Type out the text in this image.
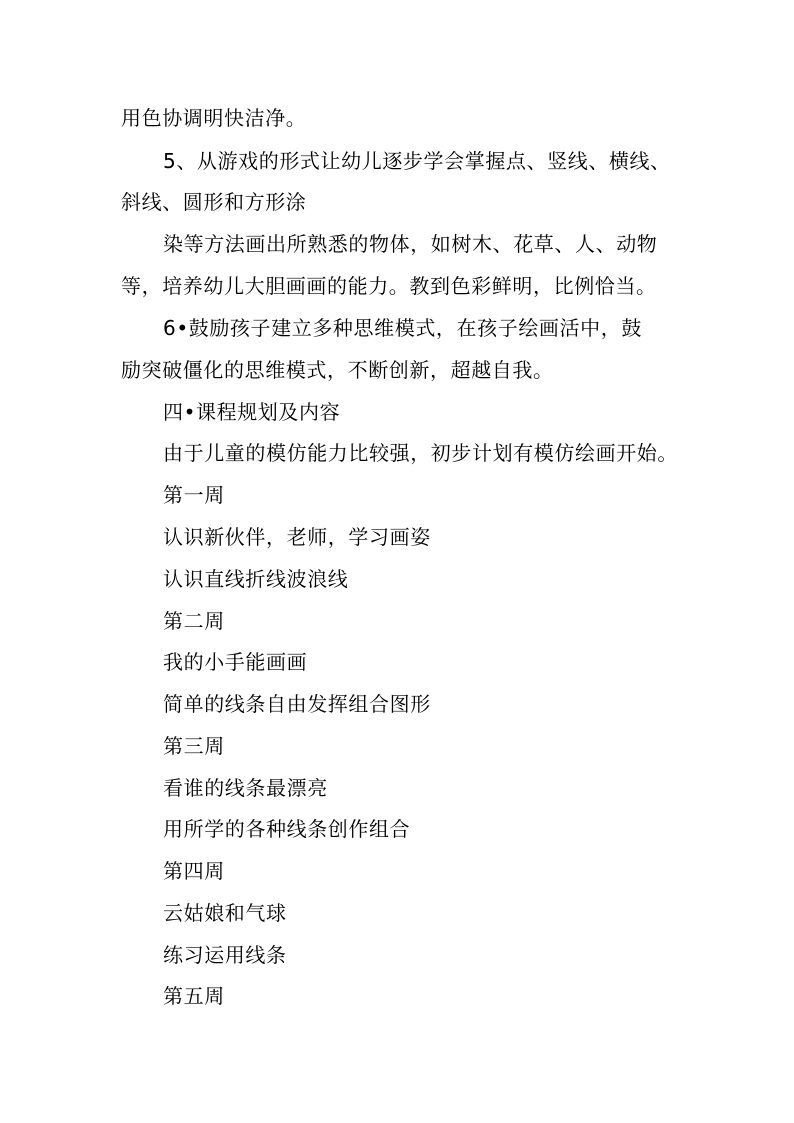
用色协调明快洁净。
5、从游戏的形式让幼儿逐步学会掌握点、竖线、横线、
斜线、圆形和方形涂
染等方法画出所熟悉的物体，如树木、花草、人、动物
等，培养幼儿大胆画画的能力。教到色彩鲜明，比例恰当。
6•鼓励孩子建立多种思维模式，在孩子绘画活中，鼓
励突破僵化的思维模式，不断创新，超越自我。
四•课程规划及内容
由于儿童的模仿能力比较强，初步计划有模仿绘画开始。
第一周
认识新伙伴，老师，学习画姿
认识直线折线波浪线
第二周
我的小手能画画
简单的线条自由发挥组合图形
第三周
看谁的线条最漂亮
用所学的各种线条创作组合
第四周
云姑娘和气球
练习运用线条
第五周
